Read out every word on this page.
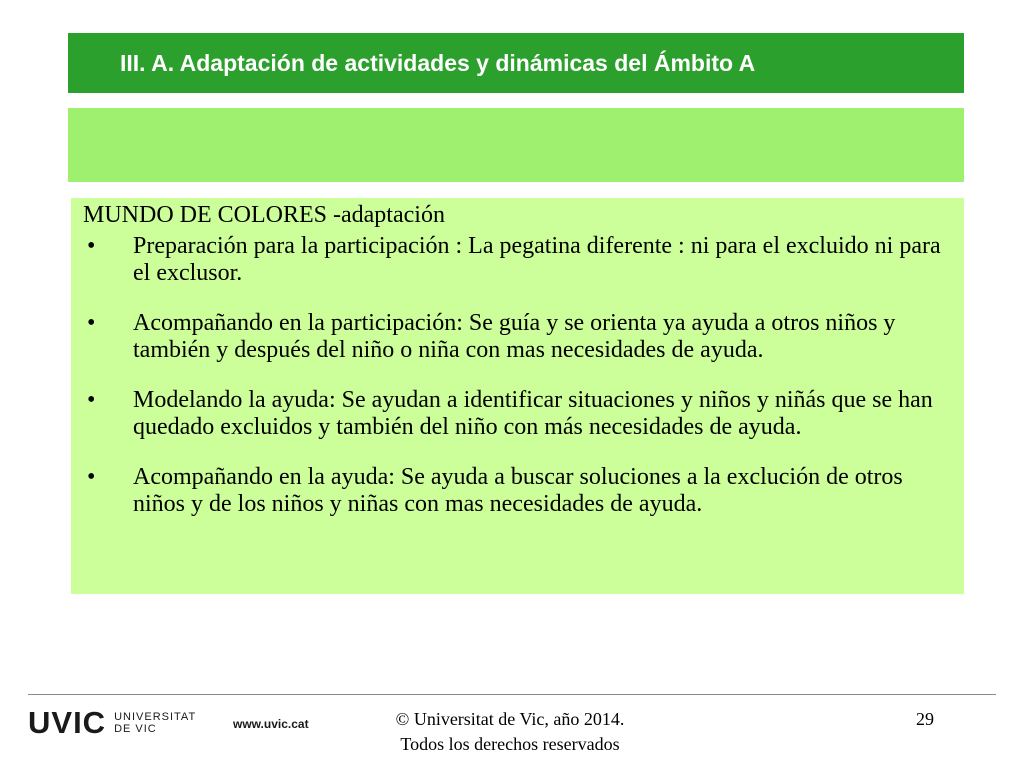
III. A. Adaptación de actividades y dinámicas del Ámbito A
MUNDO DE COLORES -adaptación
•	Preparación para la participación : La pegatina diferente : ni para el excluido ni para el exclusor.
•	Acompañando en la participación: Se guía y se orienta ya ayuda a otros niños y también y después del niño o niña con mas necesidades de ayuda.
•	Modelando la ayuda: Se ayudan a identificar situaciones y niños y niñás que se han quedado excluidos y también del niño con más necesidades de ayuda.
•	Acompañando en la ayuda: Se ayuda a buscar soluciones a la exclución de otros niños y de los niños y niñas con mas necesidades de ayuda.
UVIC UNIVERSITAT
DE VIC	www.uvic.cat	© Universitat de Vic, año 2014.
Todos los derechos reservados
29
